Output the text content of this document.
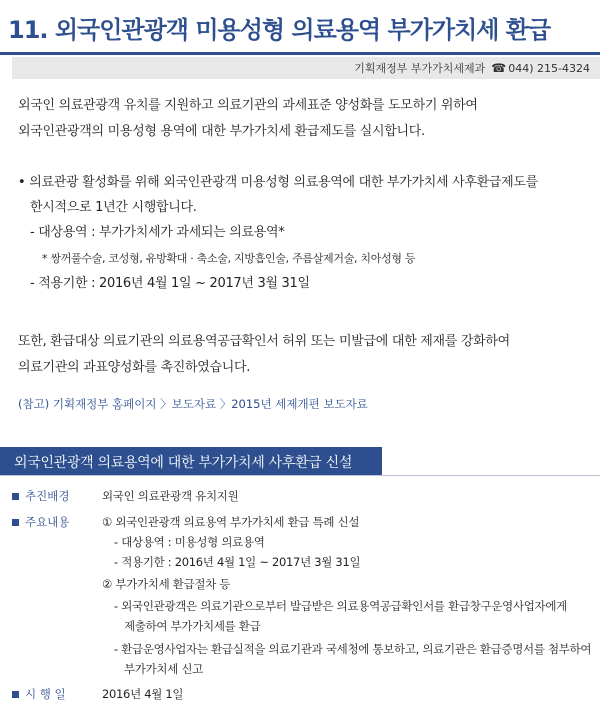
11. 외국인관광객 미용성형 의료용역 부가가치세 환급
기획재정부 부가가치세제과 ☎ 044) 215-4324
외국인 의료관광객 유치를 지원하고 의료기관의 과세표준 양성화를 도모하기 위하여
외국인관광객의 미용성형 용역에 대한 부가가치세 환급제도를 실시합니다.
• 의료관광 활성화를 위해 외국인관광객 미용성형 의료용역에 대한 부가가치세 사후환급제도를
한시적으로 1년간 시행합니다.
- 대상용역 : 부가가치세가 과세되는 의료용역*
* 쌍꺼풀수술, 코성형, 유방확대 · 축소술, 지방흡인술, 주름살제거술, 치아성형 등
- 적용기한 : 2016년 4월 1일 ~ 2017년 3월 31일
또한, 환급대상 의료기관의 의료용역공급확인서 허위 또는 미발급에 대한 제재를 강화하여
의료기관의 과표양성화를 촉진하였습니다.
(참고) 기획재정부 홈페이지 〉보도자료 〉2015년 세제개편 보도자료
외국인관광객 의료용역에 대한 부가가치세 사후환급 신설
추진배경	외국인 의료관광객 유치지원
주요내용	① 외국인관광객 의료용역 부가가치세 환급 특례 신설
- 대상용역 : 미용성형 의료용역
- 적용기한 : 2016년 4월 1일 ~ 2017년 3월 31일
② 부가가치세 환급절차 등
- 외국인관광객은 의료기관으로부터 발급받은 의료용역공급확인서를 환급창구운영사업자에게
제출하여 부가가치세를 환급
- 환급운영사업자는 환급실적을 의료기관과 국세청에 통보하고, 의료기관은 환급증명서를 첨부하여
부가가치세 신고
시 행 일	2016년 4월 1일
